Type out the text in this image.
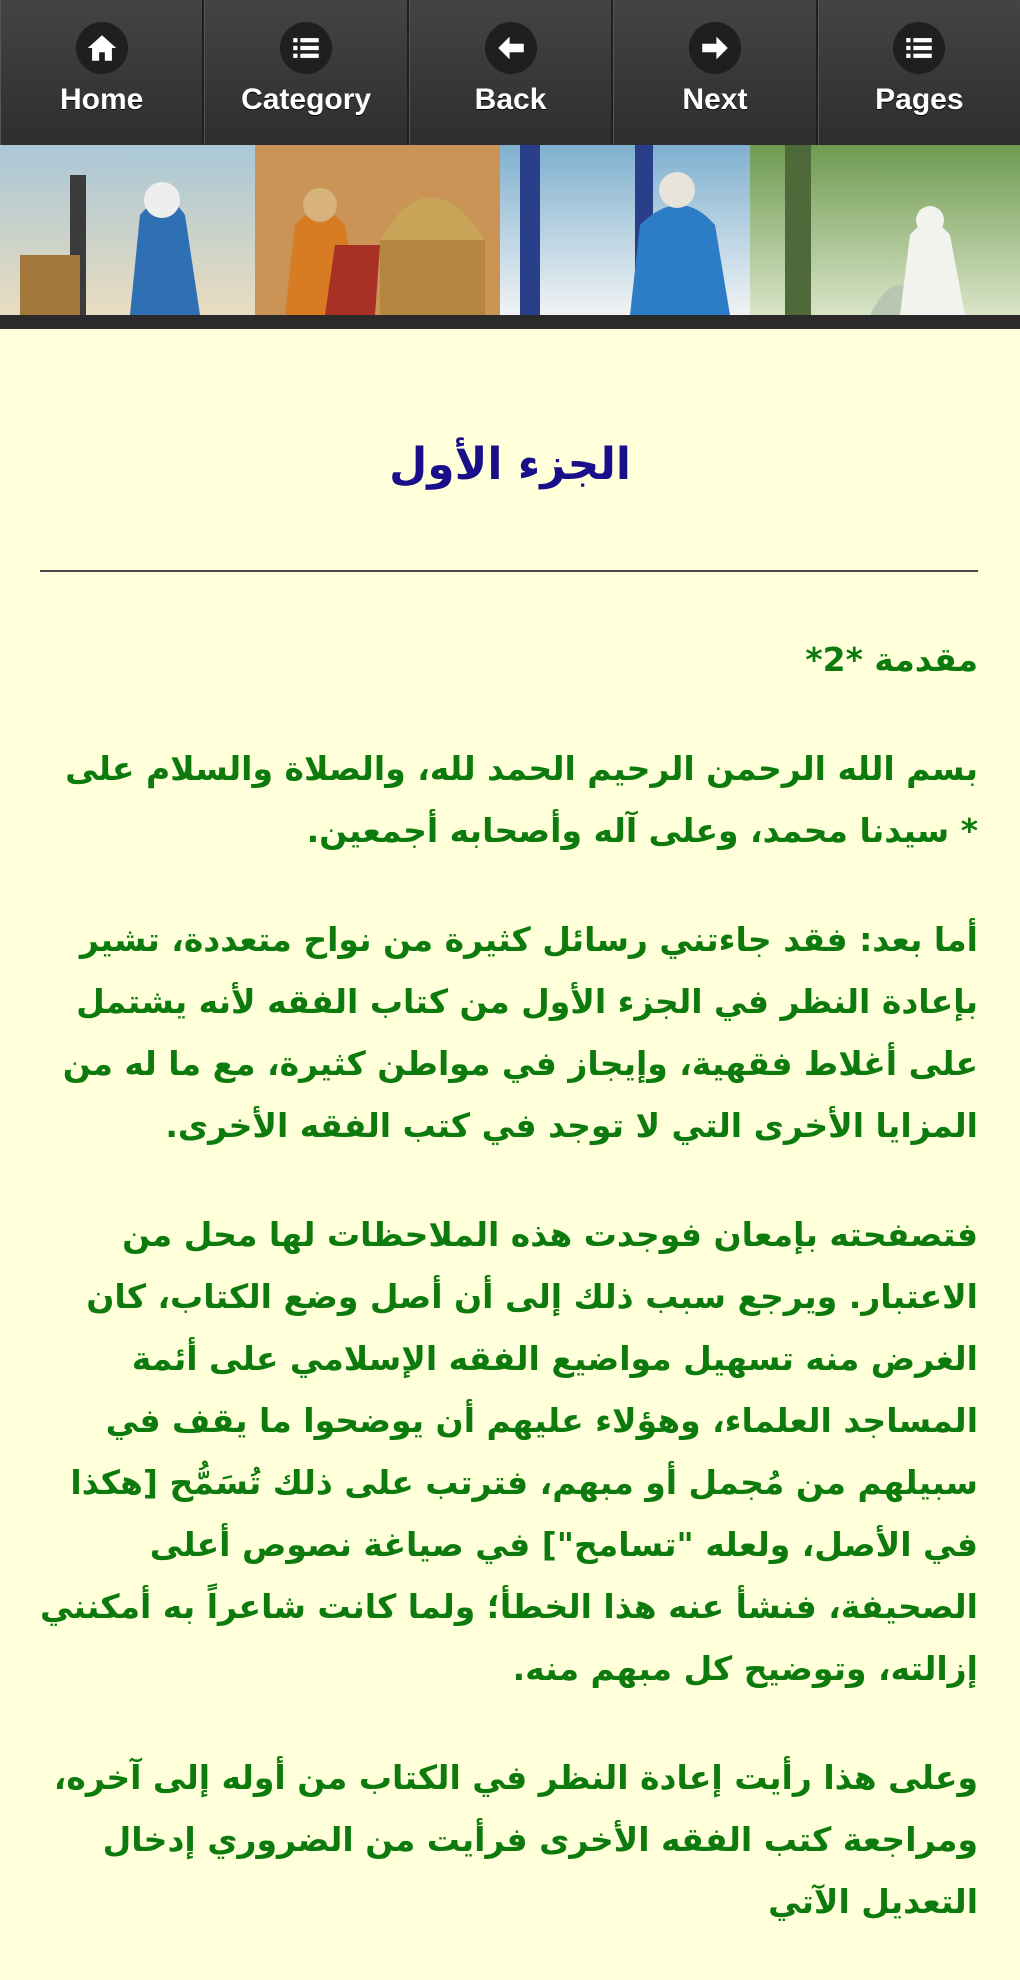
Home	Category	Back	Next	Pages
الجزء الأول

مقدمة *2*

بسم الله الرحمن الرحيم الحمد لله، والصلاة والسلام على * سيدنا محمد، وعلى آله وأصحابه أجمعين.

أما بعد: فقد جاءتني رسائل كثيرة من نواح متعددة، تشير بإعادة النظر في الجزء الأول من كتاب الفقه لأنه يشتمل على أغلاط فقهية، وإيجاز في مواطن كثيرة، مع ما له من المزايا الأخرى التي لا توجد في كتب الفقه الأخرى.

فتصفحته بإمعان فوجدت هذه الملاحظات لها محل من الاعتبار. ويرجع سبب ذلك إلى أن أصل وضع الكتاب، كان الغرض منه تسهيل مواضيع الفقه الإسلامي على أئمة المساجد العلماء، وهؤلاء عليهم أن يوضحوا ما يقف في سبيلهم من مُجمل أو مبهم، فترتب على ذلك تُسَمُّح [هكذا في الأصل، ولعله "تسامح"] في صياغة نصوص أعلى الصحيفة، فنشأ عنه هذا الخطأ؛ ولما كانت شاعراً به أمكنني إزالته، وتوضيح كل مبهم منه.

وعلى هذا رأيت إعادة النظر في الكتاب من أوله إلى آخره، ومراجعة كتب الفقه الأخرى فرأيت من الضروري إدخال التعديل الآتي
